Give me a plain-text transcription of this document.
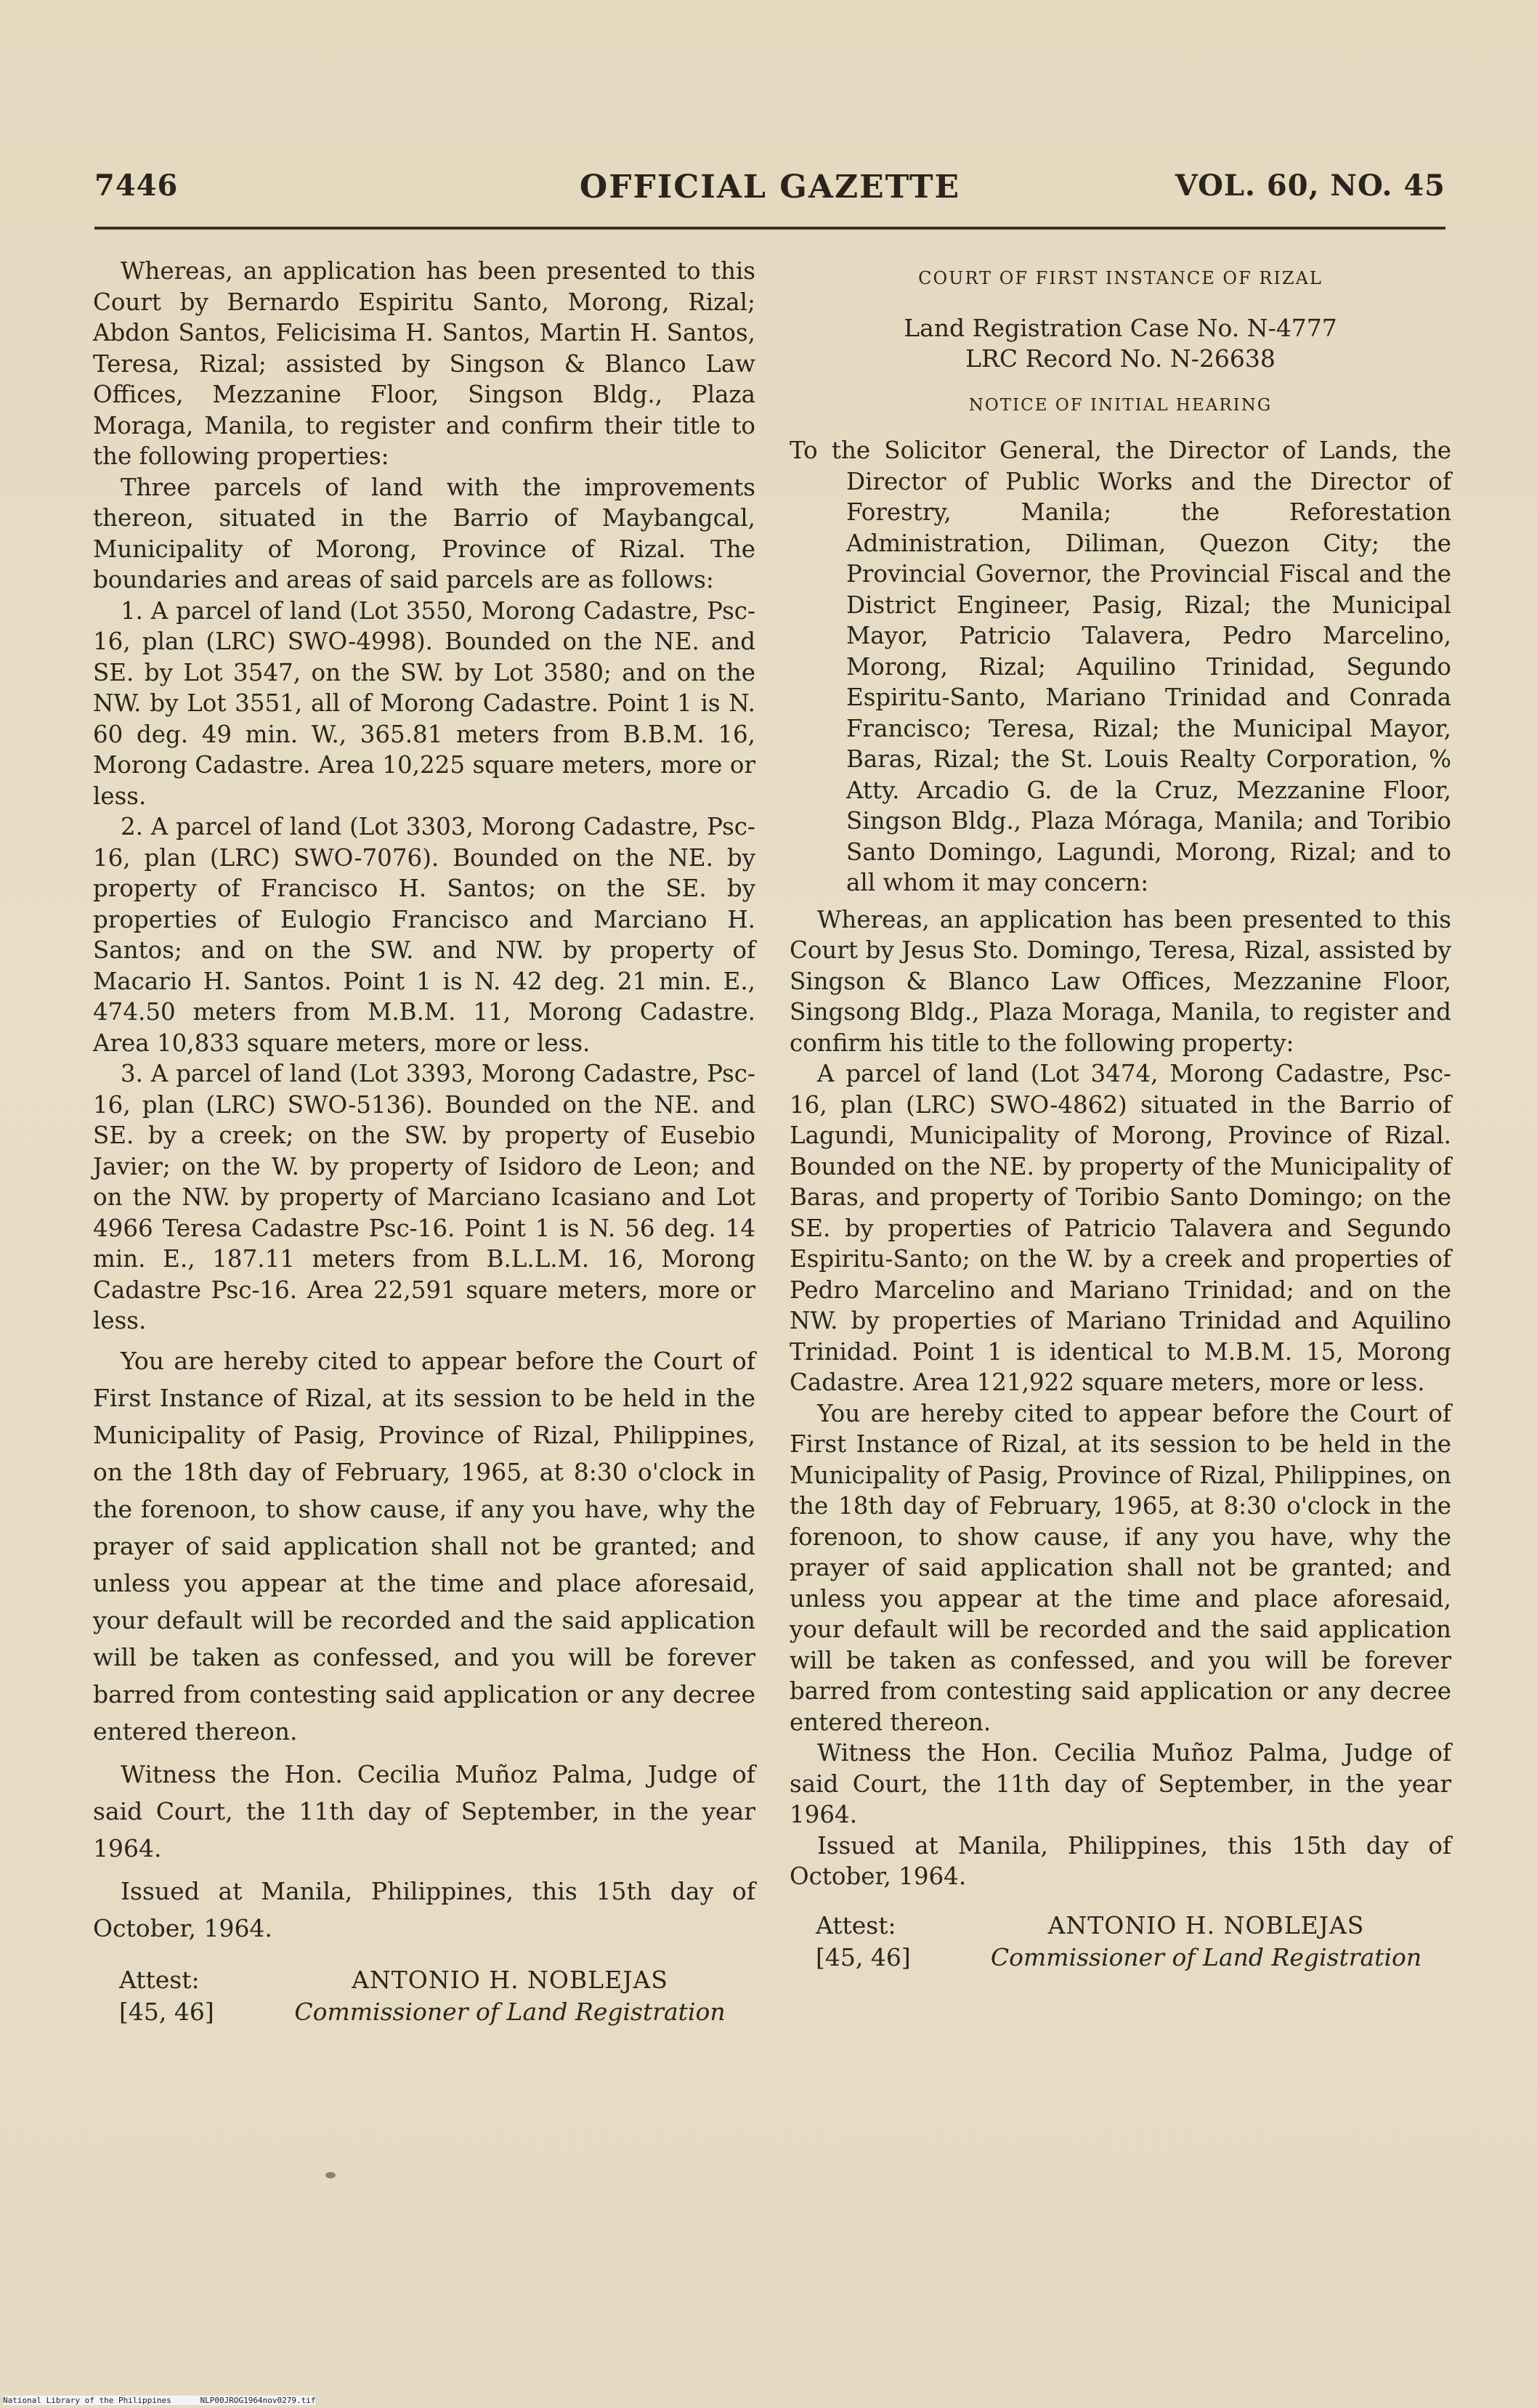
7446	OFFICIAL GAZETTE	VOL. 60, NO. 45

Whereas, an application has been presented to this Court by Bernardo Espiritu Santo, Morong, Rizal; Abdon Santos, Felicisima H. Santos, Martin H. Santos, Teresa, Rizal; assisted by Singson & Blanco Law Offices, Mezzanine Floor, Singson Bldg., Plaza Moraga, Manila, to register and confirm their title to the following properties:

Three parcels of land with the improvements thereon, situated in the Barrio of Maybangcal, Municipality of Morong, Province of Rizal. The boundaries and areas of said parcels are as follows:

1. A parcel of land (Lot 3550, Morong Cadastre, Psc-16, plan (LRC) SWO-4998). Bounded on the NE. and SE. by Lot 3547, on the SW. by Lot 3580; and on the NW. by Lot 3551, all of Morong Cadastre. Point 1 is N. 60 deg. 49 min. W., 365.81 meters from B.B.M. 16, Morong Cadastre. Area 10,225 square meters, more or less.

2. A parcel of land (Lot 3303, Morong Cadastre, Psc-16, plan (LRC) SWO-7076). Bounded on the NE. by property of Francisco H. Santos; on the SE. by properties of Eulogio Francisco and Marciano H. Santos; and on the SW. and NW. by property of Macario H. Santos. Point 1 is N. 42 deg. 21 min. E., 474.50 meters from M.B.M. 11, Morong Cadastre. Area 10,833 square meters, more or less.

3. A parcel of land (Lot 3393, Morong Cadastre, Psc-16, plan (LRC) SWO-5136). Bounded on the NE. and SE. by a creek; on the SW. by property of Eusebio Javier; on the W. by property of Isidoro de Leon; and on the NW. by property of Marciano Icasiano and Lot 4966 Teresa Cadastre Psc-16. Point 1 is N. 56 deg. 14 min. E., 187.11 meters from B.L.L.M. 16, Morong Cadastre Psc-16. Area 22,591 square meters, more or less.

You are hereby cited to appear before the Court of First Instance of Rizal, at its session to be held in the Municipality of Pasig, Province of Rizal, Philippines, on the 18th day of February, 1965, at 8:30 o'clock in the forenoon, to show cause, if any you have, why the prayer of said application shall not be granted; and unless you appear at the time and place aforesaid, your default will be recorded and the said application will be taken as confessed, and you will be forever barred from contesting said application or any decree entered thereon.

Witness the Hon. Cecilia Muñoz Palma, Judge of said Court, the 11th day of September, in the year 1964.

Issued at Manila, Philippines, this 15th day of October, 1964.

Attest:	ANTONIO H. NOBLEJAS
[45, 46]	Commissioner of Land Registration
COURT OF FIRST INSTANCE OF RIZAL
Land Registration Case No. N-4777
LRC Record No. N-26638
NOTICE OF INITIAL HEARING

To the Solicitor General, the Director of Lands, the Director of Public Works and the Director of Forestry, Manila; the Reforestation Administration, Diliman, Quezon City; the Provincial Governor, the Provincial Fiscal and the District Engineer, Pasig, Rizal; the Municipal Mayor, Patricio Talavera, Pedro Marcelino, Morong, Rizal; Aquilino Trinidad, Segundo Espiritu-Santo, Mariano Trinidad and Conrada Francisco; Teresa, Rizal; the Municipal Mayor, Baras, Rizal; the St. Louis Realty Corporation, % Atty. Arcadio G. de la Cruz, Mezzanine Floor, Singson Bldg., Plaza Móraga, Manila; and Toribio Santo Domingo, Lagundi, Morong, Rizal; and to all whom it may concern:

Whereas, an application has been presented to this Court by Jesus Sto. Domingo, Teresa, Rizal, assisted by Singson & Blanco Law Offices, Mezzanine Floor, Singsong Bldg., Plaza Moraga, Manila, to register and confirm his title to the following property:

A parcel of land (Lot 3474, Morong Cadastre, Psc-16, plan (LRC) SWO-4862) situated in the Barrio of Lagundi, Municipality of Morong, Province of Rizal. Bounded on the NE. by property of the Municipality of Baras, and property of Toribio Santo Domingo; on the SE. by properties of Patricio Talavera and Segundo Espiritu-Santo; on the W. by a creek and properties of Pedro Marcelino and Mariano Trinidad; and on the NW. by properties of Mariano Trinidad and Aquilino Trinidad. Point 1 is identical to M.B.M. 15, Morong Cadastre. Area 121,922 square meters, more or less.

You are hereby cited to appear before the Court of First Instance of Rizal, at its session to be held in the Municipality of Pasig, Province of Rizal, Philippines, on the 18th day of February, 1965, at 8:30 o'clock in the forenoon, to show cause, if any you have, why the prayer of said application shall not be granted; and unless you appear at the time and place aforesaid, your default will be recorded and the said application will be taken as confessed, and you will be forever barred from contesting said application or any decree entered thereon.

Witness the Hon. Cecilia Muñoz Palma, Judge of said Court, the 11th day of September, in the year 1964.

Issued at Manila, Philippines, this 15th day of October, 1964.

Attest:	ANTONIO H. NOBLEJAS
[45, 46]	Commissioner of Land Registration
National Library of the Philippines      NLP00JROG1964nov0279.tif
